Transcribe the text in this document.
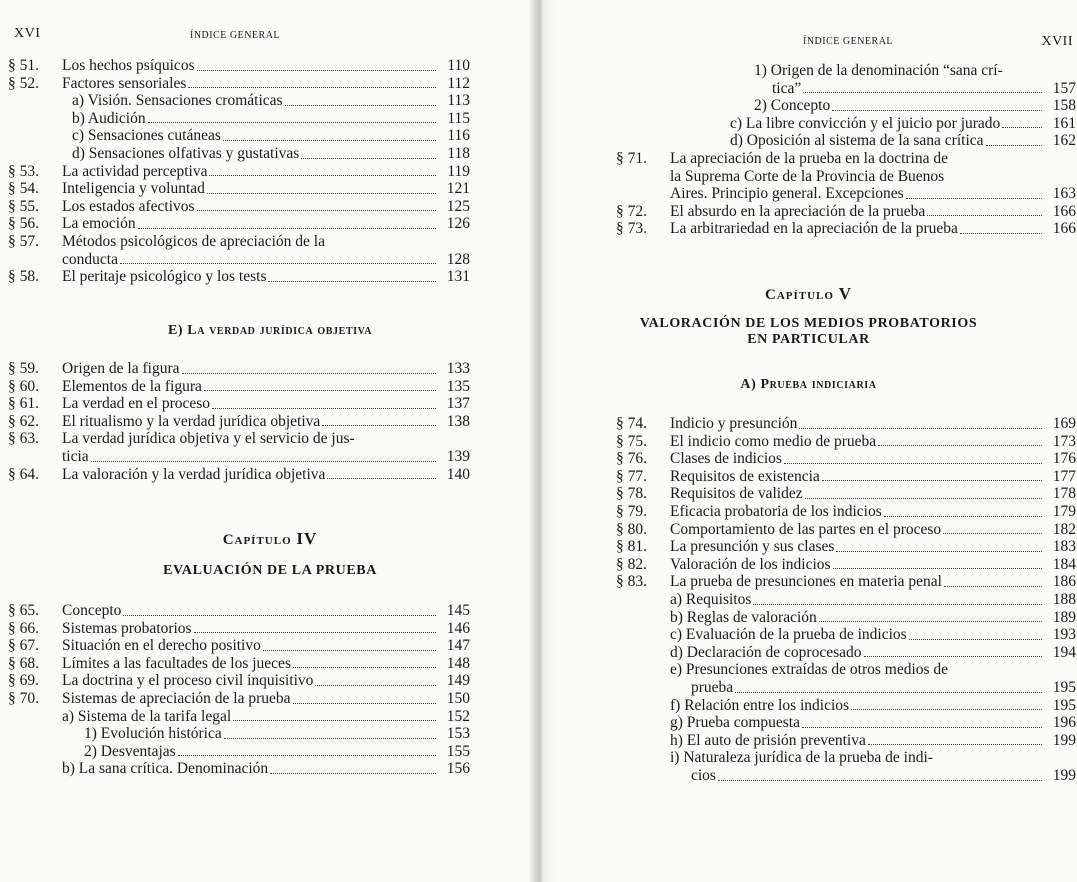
XVI	ÍNDICE GENERAL
E) La verdad jurídica objetiva
Capítulo IV
EVALUACIÓN DE LA PRUEBA
§ 51.	Los hechos psíquicos	110
§ 52.	Factores sensoriales	112
a) Visión. Sensaciones cromáticas	113
b) Audición	115
c) Sensaciones cutáneas	116
d) Sensaciones olfativas y gustativas	118
§ 53.	La actividad perceptiva	119
§ 54.	Inteligencia y voluntad	121
§ 55.	Los estados afectivos	125
§ 56.	La emoción	126
§ 57.	Métodos psicológicos de apreciación de la
conducta	128
§ 58.	El peritaje psicológico y los tests	131
§ 59.	Origen de la figura	133
§ 60.	Elementos de la figura	135
§ 61.	La verdad en el proceso	137
§ 62.	El ritualismo y la verdad jurídica objetiva	138
§ 63.	La verdad jurídica objetiva y el servicio de jus-
ticia	139
§ 64.	La valoración y la verdad jurídica objetiva	140
§ 65.	Concepto	145
§ 66.	Sistemas probatorios	146
§ 67.	Situación en el derecho positivo	147
§ 68.	Límites a las facultades de los jueces	148
§ 69.	La doctrina y el proceso civil inquisitivo	149
§ 70.	Sistemas de apreciación de la prueba	150
a) Sistema de la tarifa legal	152
1) Evolución histórica	153
2) Desventajas	155
b) La sana crítica. Denominación	156
ÍNDICE GENERAL	XVII
Capítulo V
VALORACIÓN DE LOS MEDIOS PROBATORIOS
EN PARTICULAR
A) Prueba indiciaria
1) Origen de la denominación “sana crí-
tica”	157
2) Concepto	158
c) La libre convicción y el juicio por jurado	161
d) Oposición al sistema de la sana crítica	162
§ 71.	La apreciación de la prueba en la doctrina de
la Suprema Corte de la Provincia de Buenos
Aires. Principio general. Excepciones	163
§ 72.	El absurdo en la apreciación de la prueba	166
§ 73.	La arbitrariedad en la apreciación de la prueba	166
§ 74.	Indicio y presunción	169
§ 75.	El indicio como medio de prueba	173
§ 76.	Clases de indicios	176
§ 77.	Requisitos de existencia	177
§ 78.	Requisitos de validez	178
§ 79.	Eficacia probatoria de los indicios	179
§ 80.	Comportamiento de las partes en el proceso	182
§ 81.	La presunción y sus clases	183
§ 82.	Valoración de los indicios	184
§ 83.	La prueba de presunciones en materia penal	186
a) Requisitos	188
b) Reglas de valoración	189
c) Evaluación de la prueba de indicios	193
d) Declaración de coprocesado	194
e) Presunciones extraídas de otros medios de
prueba	195
f) Relación entre los indicios	195
g) Prueba compuesta	196
h) El auto de prisión preventiva	199
i) Naturaleza jurídica de la prueba de indi-
cios	199
